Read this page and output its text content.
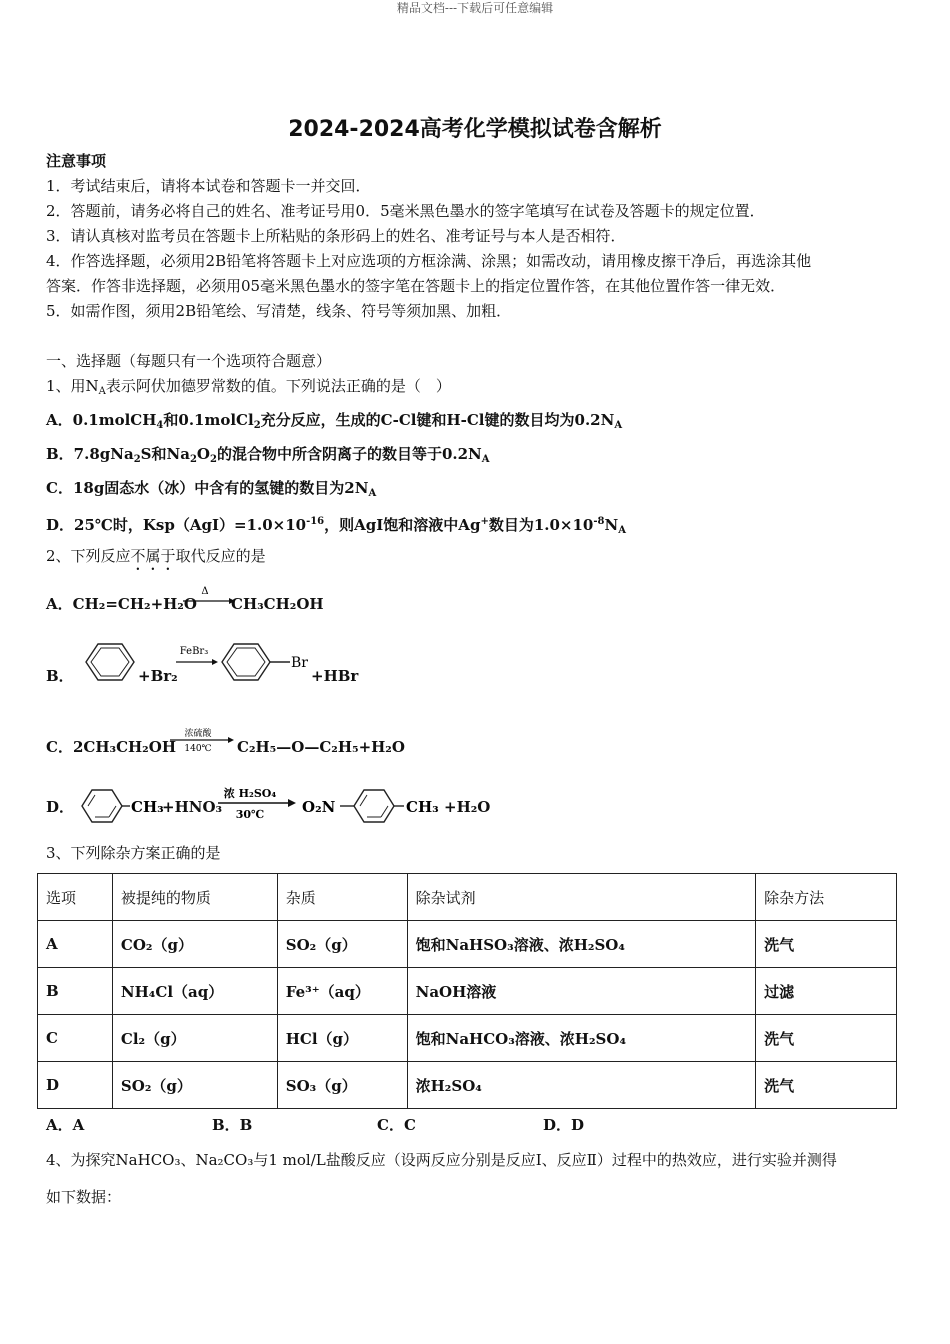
精品文档---下载后可任意编辑
2024-2024高考化学模拟试卷含解析
注意事项
1．考试结束后，请将本试卷和答题卡一并交回．
2．答题前，请务必将自己的姓名、准考证号用0．5毫米黑色墨水的签字笔填写在试卷及答题卡的规定位置．
3．请认真核对监考员在答题卡上所粘贴的条形码上的姓名、准考证号与本人是否相符．
4．作答选择题，必须用2B铅笔将答题卡上对应选项的方框涂满、涂黑；如需改动，请用橡皮擦干净后，再选涂其他
答案．作答非选择题，必须用05毫米黑色墨水的签字笔在答题卡上的指定位置作答，在其他位置作答一律无效．
5．如需作图，须用2B铅笔绘、写清楚，线条、符号等须加黑、加粗．
一、选择题（每题只有一个选项符合题意）
1、用$N_A$表示阿伏加德罗常数的值。下列说法正确的是（　）
A．0.1molCH$_4$和0.1molCl$_2$充分反应，生成的C-Cl键和H-Cl键的数目均为$0.2N_A$
B．7.8gNa$_2$S和$Na_2O_2$的混合物中所含阴离子的数目等于$0.2N_A$
C．18g固态水（冰）中含有的氢键的数目为$2N_A$
D．25℃时，$Ksp(AgI)=1.0\times 10^{-16}$，则AgI饱和溶液中Ag+数目为$1.0\times 10^{-8}N_A$
2、下列反应不属于取代反应的是
A．CH₂=CH₂+H₂O
Δ
CH₃CH₂OH
B．	+Br₂
FeBr₃
Br
+HBr
C．2CH₃CH₂OH
浓硫酸
140℃ C₂H₅—O—C₂H₅+H₂O
D．	CH₃
+HNO₃
浓 H₂SO₄
30℃	O₂N	CH₃ +H₂O
3、下列除杂方案正确的是
选项	被提纯的物质	杂质	除杂试剂	除杂方法
A	CO₂（g）	SO₂（g）	饱和NaHSO₃溶液、浓H₂SO₄	洗气
B	NH₄Cl（aq）	Fe³⁺（aq）	NaOH溶液	过滤
C	Cl₂（g）	HCl（g）	饱和NaHCO₃溶液、浓H₂SO₄	洗气
D	SO₂（g）	SO₃（g）	浓H₂SO₄	洗气
A．A	B．B	C．C	D．D
4、为探究NaHCO₃、Na₂CO₃与1 mol/L盐酸反应（设两反应分别是反应Ⅰ、反应Ⅱ）过程中的热效应，进行实验并测得
如下数据：
